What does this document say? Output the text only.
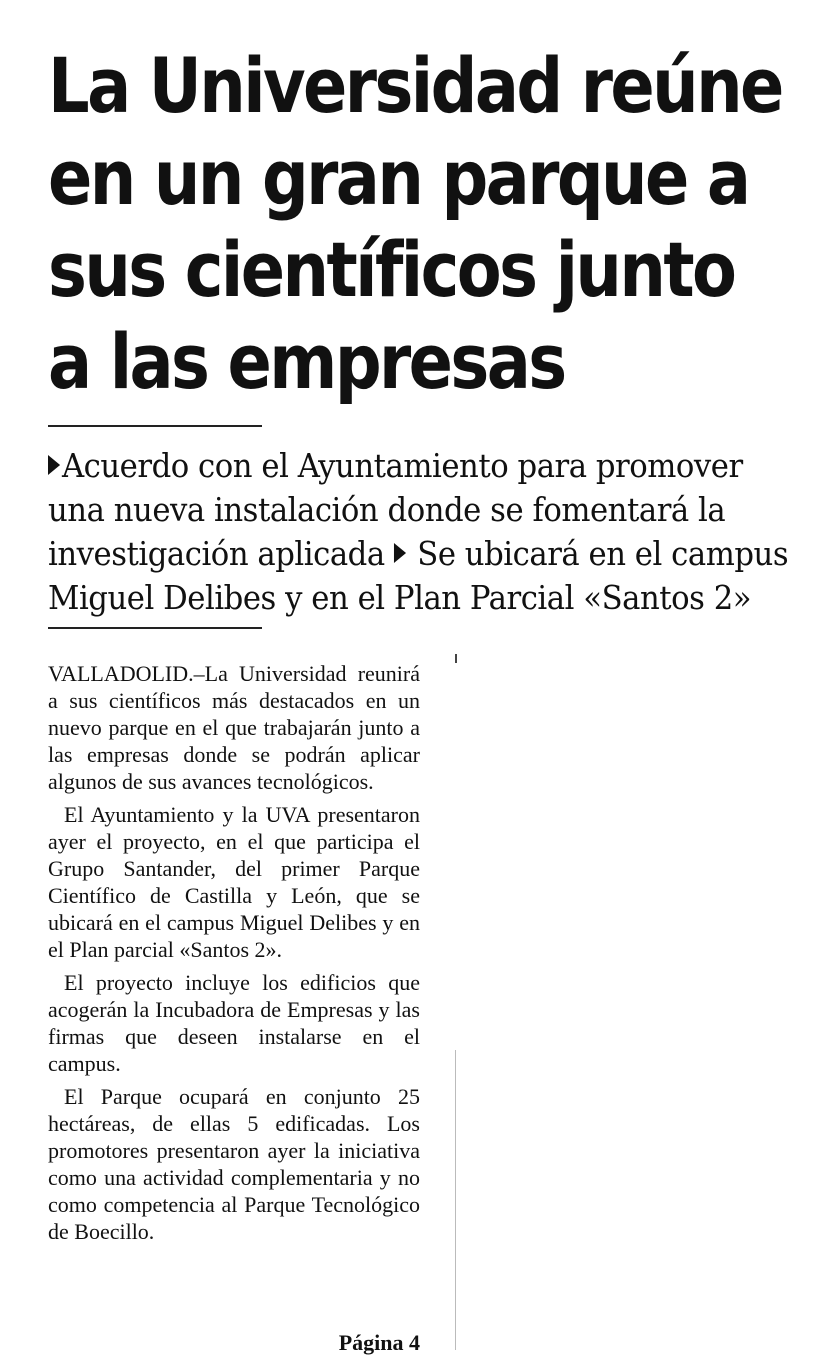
La Universidad reúne
en un gran parque a
sus científicos junto
a las empresas
Acuerdo con el Ayuntamiento para promover
una nueva instalación donde se fomentará la
investigación aplicada Se ubicará en el campus
Miguel Delibes y en el Plan Parcial «Santos 2»

VALLADOLID.–La Universidad reunirá a sus científicos más destacados en un nuevo parque en el que trabajarán junto a las empresas donde se podrán aplicar algunos de sus avances tecnológicos.

El Ayuntamiento y la UVA presentaron ayer el proyecto, en el que participa el Grupo Santander, del primer Parque Científico de Castilla y León, que se ubicará en el campus Miguel Delibes y en el Plan parcial «Santos 2».

El proyecto incluye los edificios que acogerán la Incubadora de Empresas y las firmas que deseen instalarse en el campus.

El Parque ocupará en conjunto 25 hectáreas, de ellas 5 edificadas. Los promotores presentaron ayer la iniciativa como una actividad complementaria y no como competencia al Parque Tecnológico de Boecillo.

Página 4
